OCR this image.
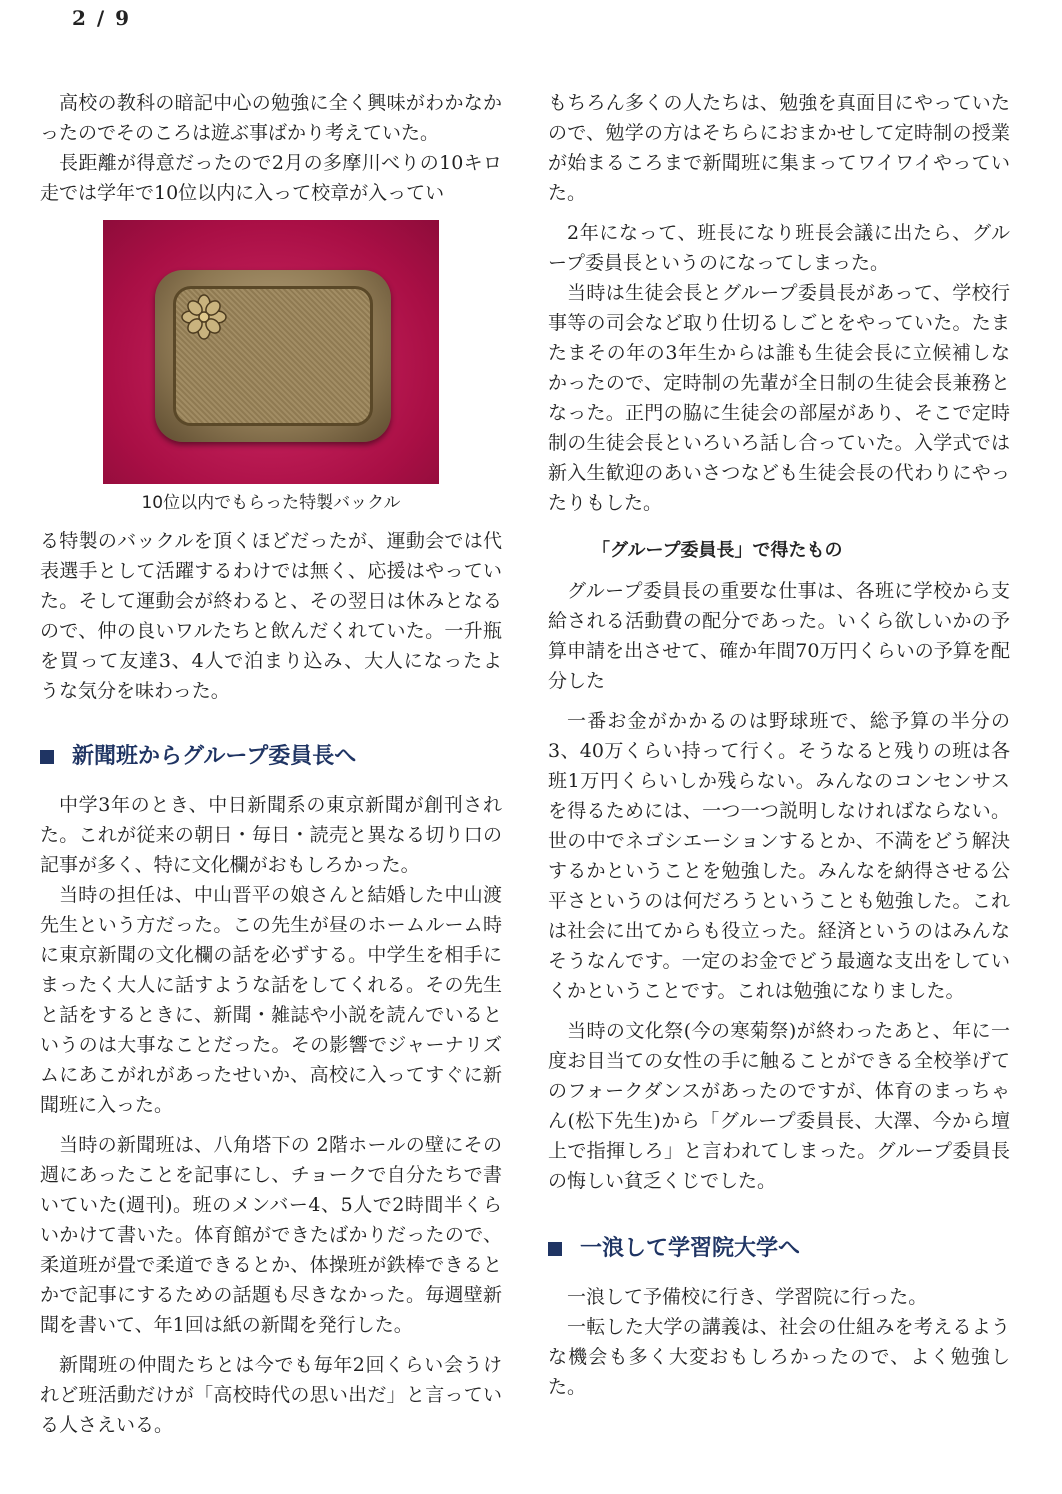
2 / 9

高校の教科の暗記中心の勉強に全く興味がわかなかったのでそのころは遊ぶ事ばかり考えていた。

長距離が得意だったので2月の多摩川べりの10キロ走では学年で10位以内に入って校章が入ってい

10位以内でもらった特製バックル

る特製のバックルを頂くほどだったが、運動会では代表選手として活躍するわけでは無く、応援はやっていた。そして運動会が終わると、その翌日は休みとなるので、仲の良いワルたちと飲んだくれていた。一升瓶を買って友達3、4人で泊まり込み、大人になったような気分を味わった。

新聞班からグループ委員長へ

中学3年のとき、中日新聞系の東京新聞が創刊された。これが従来の朝日・毎日・読売と異なる切り口の記事が多く、特に文化欄がおもしろかった。

当時の担任は、中山晋平の娘さんと結婚した中山渡先生という方だった。この先生が昼のホームルーム時に東京新聞の文化欄の話を必ずする。中学生を相手にまったく大人に話すような話をしてくれる。その先生と話をするときに、新聞・雑誌や小説を読んでいるというのは大事なことだった。その影響でジャーナリズムにあこがれがあったせいか、高校に入ってすぐに新聞班に入った。

当時の新聞班は、八角塔下の 2階ホールの壁にその週にあったことを記事にし、チョークで自分たちで書いていた(週刊)。班のメンバー4、5人で2時間半くらいかけて書いた。体育館ができたばかりだったので、柔道班が畳で柔道できるとか、体操班が鉄棒できるとかで記事にするための話題も尽きなかった。毎週壁新聞を書いて、年1回は紙の新聞を発行した。

新聞班の仲間たちとは今でも毎年2回くらい会うけれど班活動だけが「高校時代の思い出だ」と言っている人さえいる。

もちろん多くの人たちは、勉強を真面目にやっていたので、勉学の方はそちらにおまかせして定時制の授業が始まるころまで新聞班に集まってワイワイやっていた。

2年になって、班長になり班長会議に出たら、グループ委員長というのになってしまった。

当時は生徒会長とグループ委員長があって、学校行事等の司会など取り仕切るしごとをやっていた。たまたまその年の3年生からは誰も生徒会長に立候補しなかったので、定時制の先輩が全日制の生徒会長兼務となった。正門の脇に生徒会の部屋があり、そこで定時制の生徒会長といろいろ話し合っていた。入学式では新入生歓迎のあいさつなども生徒会長の代わりにやったりもした。

「グループ委員長」で得たもの

グループ委員長の重要な仕事は、各班に学校から支給される活動費の配分であった。いくら欲しいかの予算申請を出させて、確か年間70万円くらいの予算を配分した

一番お金がかかるのは野球班で、総予算の半分の3、40万くらい持って行く。そうなると残りの班は各班1万円くらいしか残らない。みんなのコンセンサスを得るためには、一つ一つ説明しなければならない。世の中でネゴシエーションするとか、不満をどう解決するかということを勉強した。みんなを納得させる公平さというのは何だろうということも勉強した。これは社会に出てからも役立った。経済というのはみんなそうなんです。一定のお金でどう最適な支出をしていくかということです。これは勉強になりました。

当時の文化祭(今の寒菊祭)が終わったあと、年に一度お目当ての女性の手に触ることができる全校挙げてのフォークダンスがあったのですが、体育のまっちゃん(松下先生)から「グループ委員長、大澤、今から壇上で指揮しろ」と言われてしまった。グループ委員長の悔しい貧乏くじでした。

一浪して学習院大学へ

一浪して予備校に行き、学習院に行った。

一転した大学の講義は、社会の仕組みを考えるような機会も多く大変おもしろかったので、よく勉強した。
